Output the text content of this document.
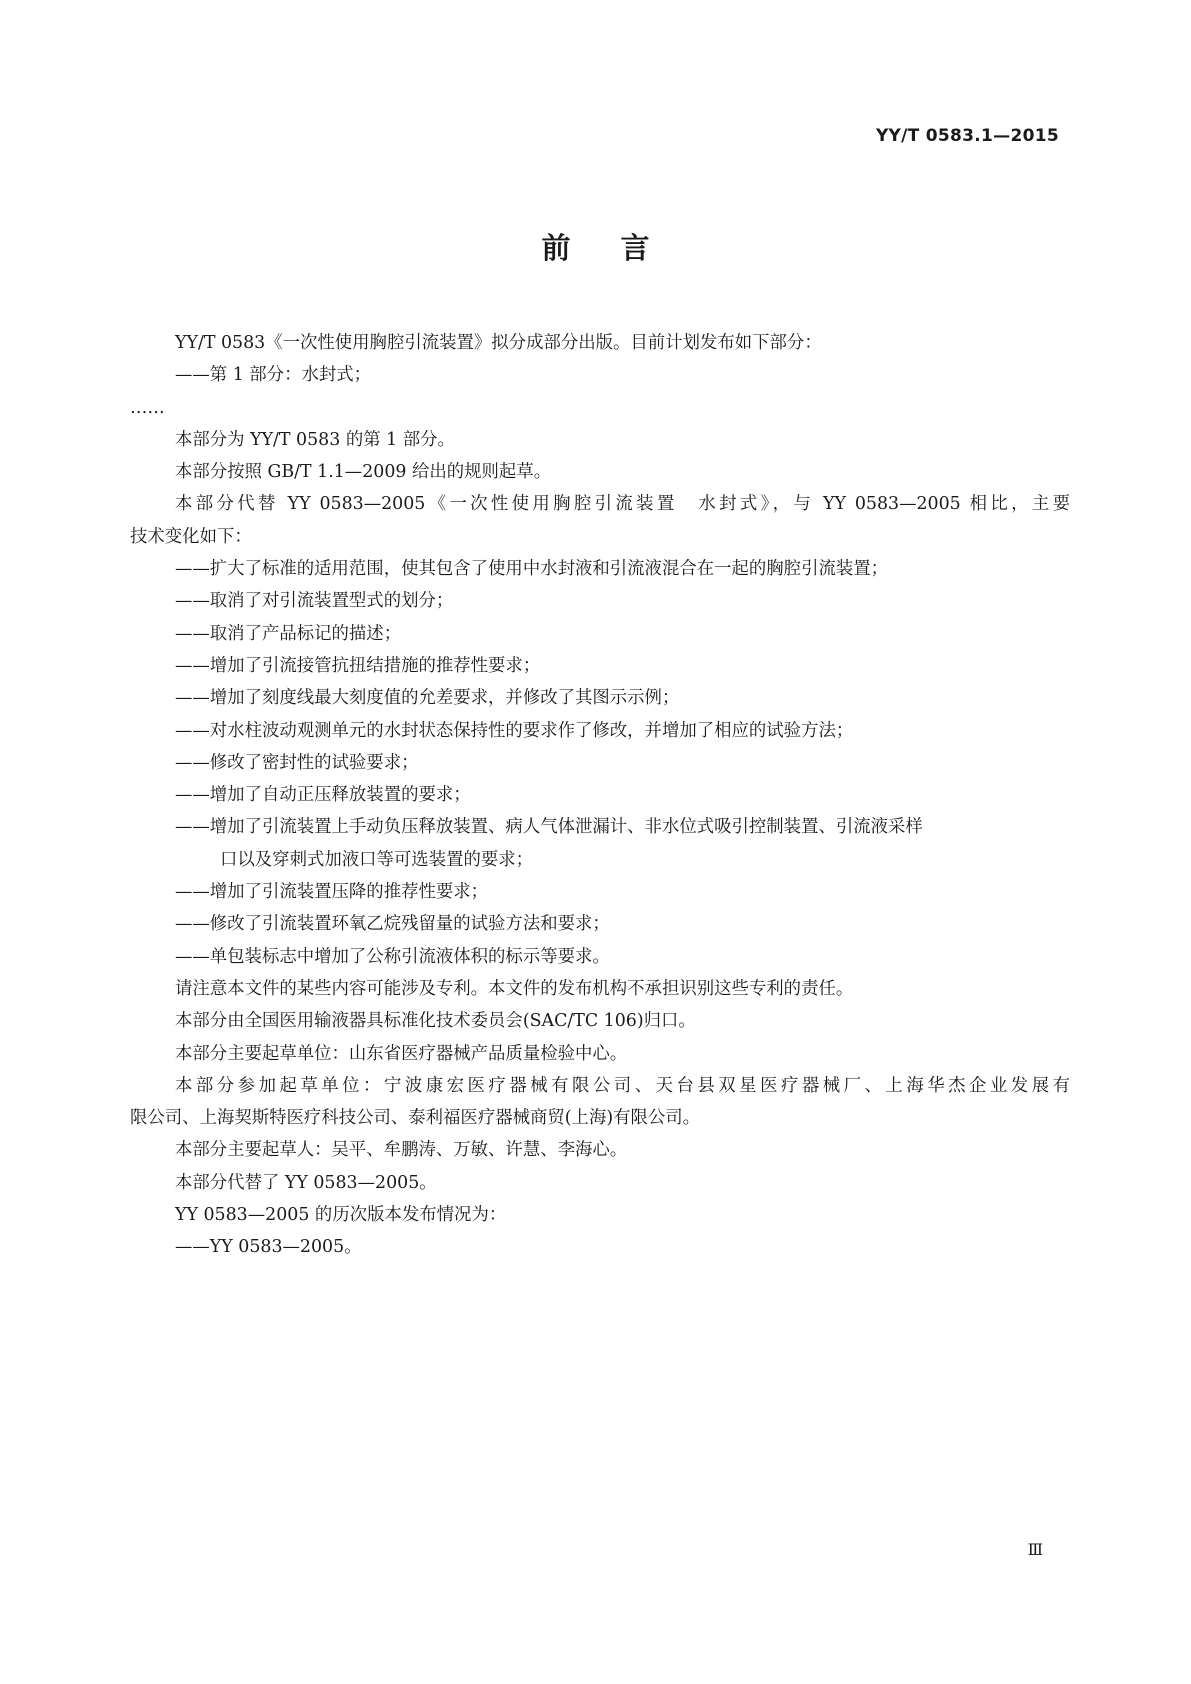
YY/T 0583.1—2015
前言
YY/T 0583《一次性使用胸腔引流装置》拟分成部分出版。目前计划发布如下部分：
——第 1 部分：水封式；
……
本部分为 YY/T 0583 的第 1 部分。
本部分按照 GB/T 1.1—2009 给出的规则起草。
本部分代替 YY 0583—2005《一次性使用胸腔引流装置　水封式》，与 YY 0583—2005 相比，主要
技术变化如下：
——扩大了标准的适用范围，使其包含了使用中水封液和引流液混合在一起的胸腔引流装置；
——取消了对引流装置型式的划分；
——取消了产品标记的描述；
——增加了引流接管抗扭结措施的推荐性要求；
——增加了刻度线最大刻度值的允差要求，并修改了其图示示例；
——对水柱波动观测单元的水封状态保持性的要求作了修改，并增加了相应的试验方法；
——修改了密封性的试验要求；
——增加了自动正压释放装置的要求；
——增加了引流装置上手动负压释放装置、病人气体泄漏计、非水位式吸引控制装置、引流液采样
口以及穿刺式加液口等可选装置的要求；
——增加了引流装置压降的推荐性要求；
——修改了引流装置环氧乙烷残留量的试验方法和要求；
——单包装标志中增加了公称引流液体积的标示等要求。
请注意本文件的某些内容可能涉及专利。本文件的发布机构不承担识别这些专利的责任。
本部分由全国医用输液器具标准化技术委员会(SAC/TC 106)归口。
本部分主要起草单位：山东省医疗器械产品质量检验中心。
本部分参加起草单位：宁波康宏医疗器械有限公司、天台县双星医疗器械厂、上海华杰企业发展有
限公司、上海契斯特医疗科技公司、泰利福医疗器械商贸(上海)有限公司。
本部分主要起草人：吴平、牟鹏涛、万敏、许慧、李海心。
本部分代替了 YY 0583—2005。
YY 0583—2005 的历次版本发布情况为：
——YY 0583—2005。
Ⅲ
